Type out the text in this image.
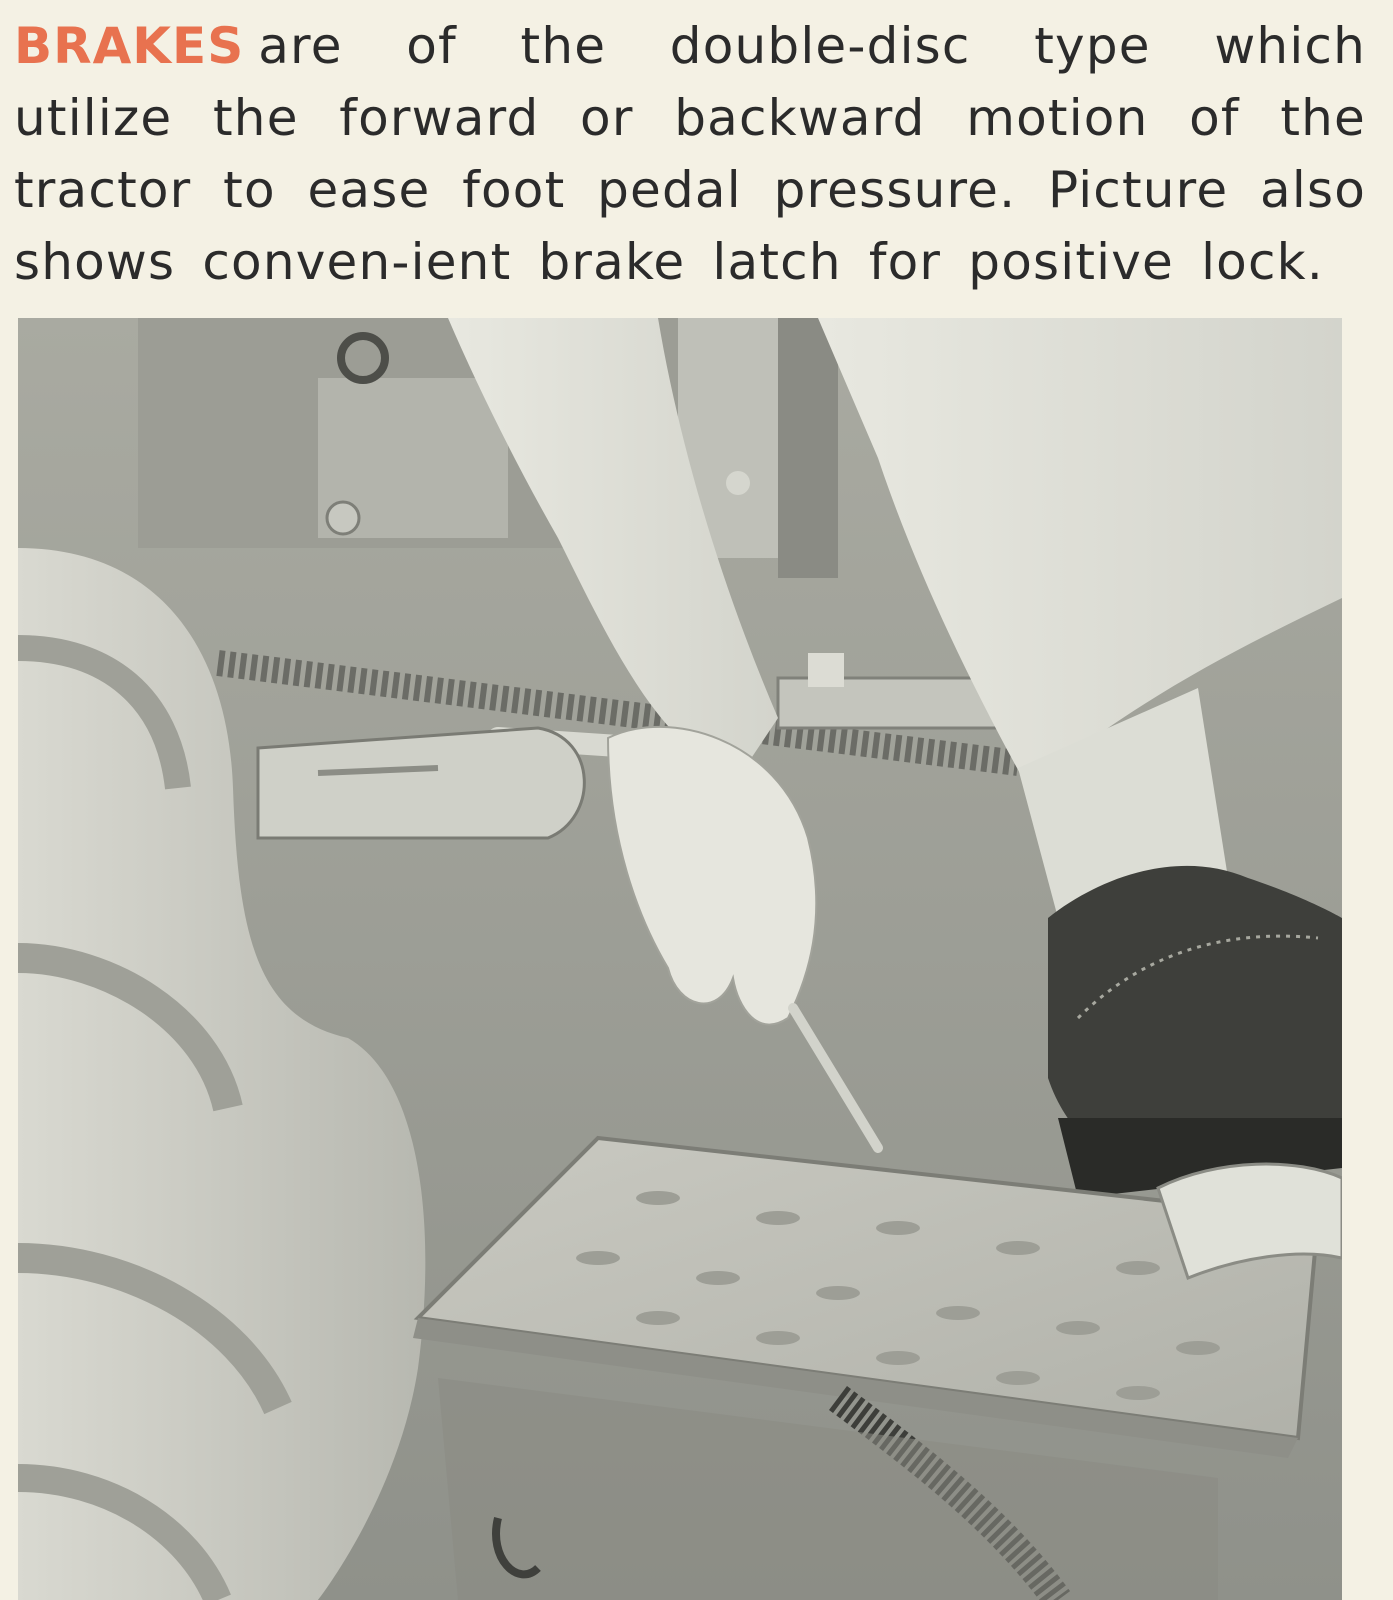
BRAKES are of the double-disc type which utilize the forward or backward motion of the tractor to ease foot pedal pressure. Picture also shows conven-ient brake latch for positive lock.
